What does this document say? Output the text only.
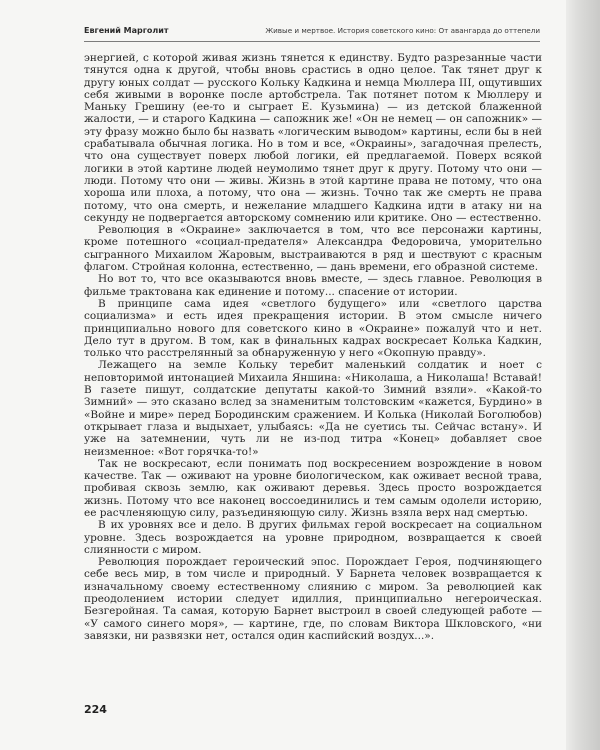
Евгений Марголит	Живые и мертвое. История советского кино: От авангарда до оттепели

энергией, с которой живая жизнь тянется к единству. Будто разрезанные части тянутся одна к другой, чтобы вновь срастись в одно целое. Так тянет друг к другу юных солдат — русского Кольку Кадкина и немца Мюллера III, ощутивших себя живыми в воронке после артобстрела. Так потянет потом к Мюллеру и Маньку Грешину (ее-то и сыграет Е. Кузьмина) — из детской блаженной жалости, — и старого Кадкина — сапожник же! «Он не немец — он сапожник» — эту фразу можно было бы назвать «логическим выводом» картины, если бы в ней срабатывала обычная логика. Но в том и все, «Окраины», загадочная прелесть, что она существует поверх любой логики, ей предлагаемой. Поверх всякой логики в этой картине людей неумолимо тянет друг к другу. Потому что они — люди. Потому что они — живы. Жизнь в этой картине права не потому, что она хороша или плоха, а потому, что она — жизнь. Точно так же смерть не права потому, что она смерть, и нежелание младшего Кадкина идти в атаку ни на секунду не подвергается авторскому сомнению или критике. Оно — естественно.

Революция в «Окраине» заключается в том, что все персонажи картины, кроме потешного «социал-предателя» Александра Федоровича, уморительно сыгранного Михаилом Жаровым, выстраиваются в ряд и шествуют с красным флагом. Стройная колонна, естественно, — дань времени, его образной системе.

Но вот то, что все оказываются вновь вместе, — здесь главное. Революция в фильме трактована как единение и потому... спасение от истории.

В принципе сама идея «светлого будущего» или «светлого царства социализма» и есть идея прекращения истории. В этом смысле ничего принципиально нового для советского кино в «Окраине» пожалуй что и нет. Дело тут в другом. В том, как в финальных кадрах воскресает Колька Кадкин, только что расстрелянный за обнаруженную у него «Окопную правду».

Лежащего на земле Кольку теребит маленький солдатик и ноет с неповторимой интонацией Михаила Яншина: «Николаша, а Николаша! Вставай! В газете пишут, солдатские депутаты какой-то Зимний взяли». «Какой-то Зимний» — это сказано вслед за знаменитым толстовским «кажется, Бурдино» в «Войне и мире» перед Бородинским сражением. И Колька (Николай Боголюбов) открывает глаза и выдыхает, улыбаясь: «Да не суетись ты. Сейчас встану». И уже на затемнении, чуть ли не из-под титра «Конец» добавляет свое неизменное: «Вот горячка-то!»

Так не воскресают, если понимать под воскресением возрождение в новом качестве. Так — оживают на уровне биологическом, как оживает весной трава, пробивая сквозь землю, как оживают деревья. Здесь просто возрождается жизнь. Потому что все наконец воссоединились и тем самым одолели историю, ее расчленяющую силу, разъединяющую силу. Жизнь взяла верх над смертью.

В их уровнях все и дело. В других фильмах герой воскресает на социальном уровне. Здесь возрождается на уровне природном, возвращается к своей слиянности с миром.

Революция порождает героический эпос. Порождает Героя, подчиняющего себе весь мир, в том числе и природный. У Барнета человек возвращается к изначальному своему естественному слиянию с миром. За революцией как преодолением истории следует идиллия, принципиально негероическая. Безгеройная. Та самая, которую Барнет выстроил в своей следующей работе — «У самого синего моря», — картине, где, по словам Виктора Шкловского, «ни завязки, ни развязки нет, остался один каспийский воздух...».

224
